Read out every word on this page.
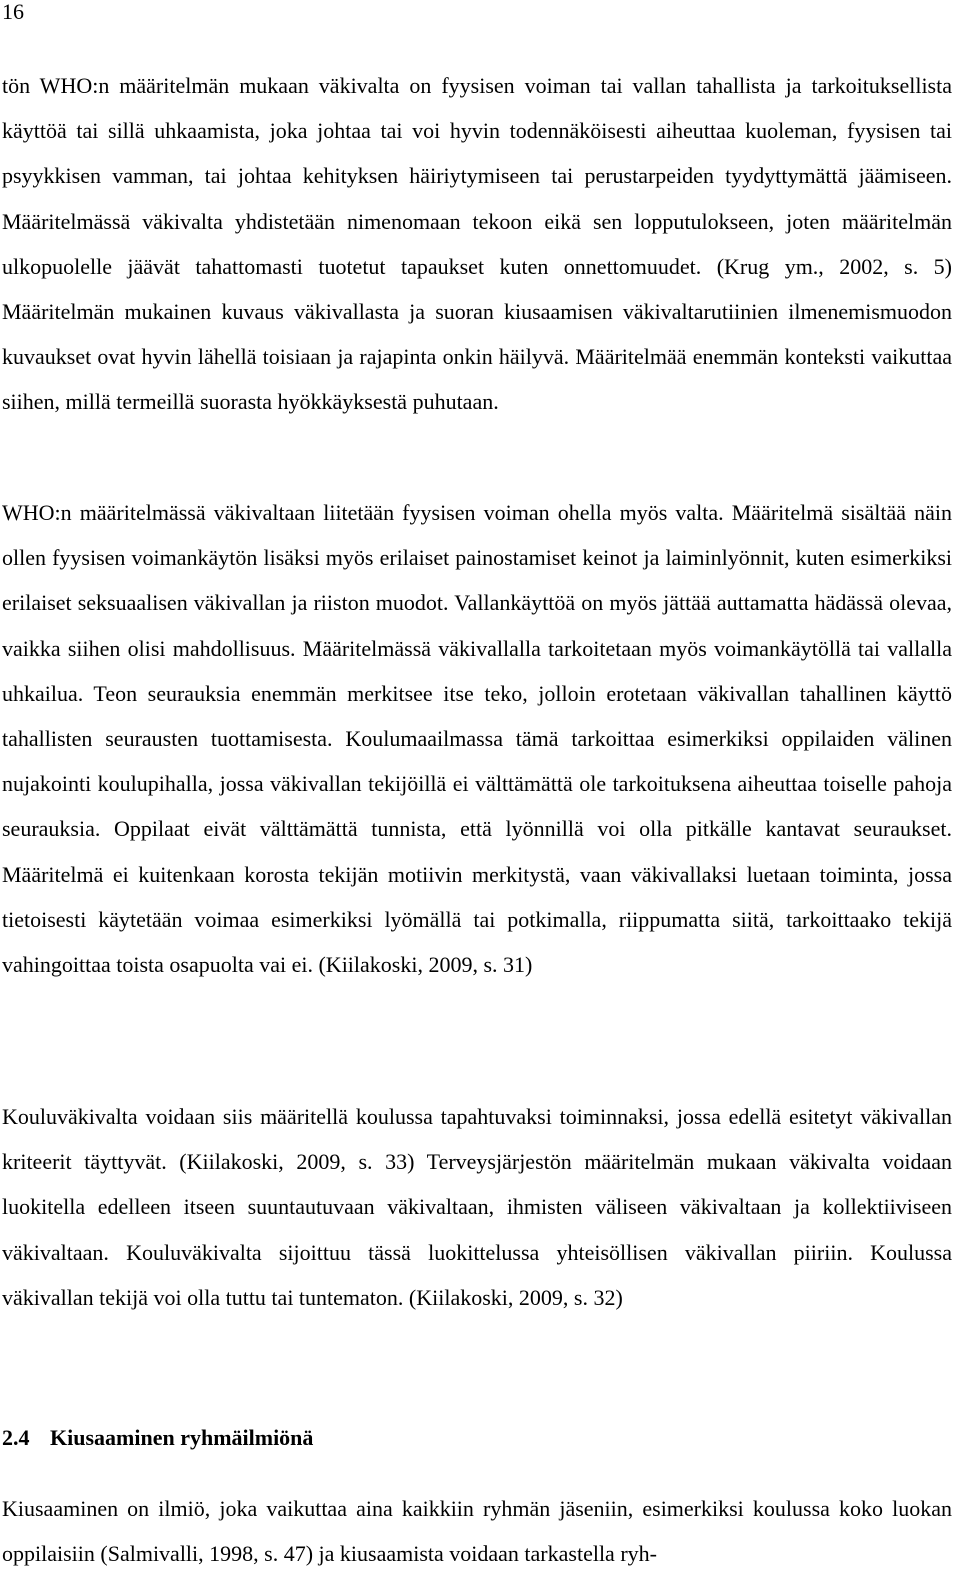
16

tön WHO:n määritelmän mukaan väkivalta on fyysisen voiman tai vallan tahallista ja tarkoituksellista käyttöä tai sillä uhkaamista, joka johtaa tai voi hyvin todennäköisesti aiheuttaa kuoleman, fyysisen tai psyykkisen vamman, tai johtaa kehityksen häiriytymiseen tai perustarpeiden tyydyttymättä jäämiseen. Määritelmässä väkivalta yhdistetään nimenomaan tekoon eikä sen lopputulokseen, joten määritelmän ulkopuolelle jäävät tahattomasti tuotetut tapaukset kuten onnettomuudet. (Krug ym., 2002, s. 5) Määritelmän mukainen kuvaus väkivallasta ja suoran kiusaamisen väkivaltarutiinien ilmenemismuodon kuvaukset ovat hyvin lähellä toisiaan ja rajapinta onkin häilyvä. Määritelmää enemmän konteksti vaikuttaa siihen, millä termeillä suorasta hyökkäyksestä puhutaan.

WHO:n määritelmässä väkivaltaan liitetään fyysisen voiman ohella myös valta. Määritelmä sisältää näin ollen fyysisen voimankäytön lisäksi myös erilaiset painostamiset keinot ja laiminlyönnit, kuten esimerkiksi erilaiset seksuaalisen väkivallan ja riiston muodot. Vallankäyttöä on myös jättää auttamatta hädässä olevaa, vaikka siihen olisi mahdollisuus. Määritelmässä väkivallalla tarkoitetaan myös voimankäytöllä tai vallalla uhkailua. Teon seurauksia enemmän merkitsee itse teko, jolloin erotetaan väkivallan tahallinen käyttö tahallisten seurausten tuottamisesta. Koulumaailmassa tämä tarkoittaa esimerkiksi oppilaiden välinen nujakointi koulupihalla, jossa väkivallan tekijöillä ei välttämättä ole tarkoituksena aiheuttaa toiselle pahoja seurauksia. Oppilaat eivät välttämättä tunnista, että lyönnillä voi olla pitkälle kantavat seuraukset. Määritelmä ei kuitenkaan korosta tekijän motiivin merkitystä, vaan väkivallaksi luetaan toiminta, jossa tietoisesti käytetään voimaa esimerkiksi lyömällä tai potkimalla, riippumatta siitä, tarkoittaako tekijä vahingoittaa toista osapuolta vai ei. (Kiilakoski, 2009, s. 31)

Kouluväkivalta voidaan siis määritellä koulussa tapahtuvaksi toiminnaksi, jossa edellä esitetyt väkivallan kriteerit täyttyvät. (Kiilakoski, 2009, s. 33) Terveysjärjestön määritelmän mukaan väkivalta voidaan luokitella edelleen itseen suuntautuvaan väkivaltaan, ihmisten väliseen väkivaltaan ja kollektiiviseen väkivaltaan. Kouluväkivalta sijoittuu tässä luokittelussa yhteisöllisen väkivallan piiriin. Koulussa väkivallan tekijä voi olla tuttu tai tuntematon. (Kiilakoski, 2009, s. 32)

2.4 Kiusaaminen ryhmäilmiönä

Kiusaaminen on ilmiö, joka vaikuttaa aina kaikkiin ryhmän jäseniin, esimerkiksi koulussa koko luokan oppilaisiin (Salmivalli, 1998, s. 47) ja kiusaamista voidaan tarkastella ryh-
